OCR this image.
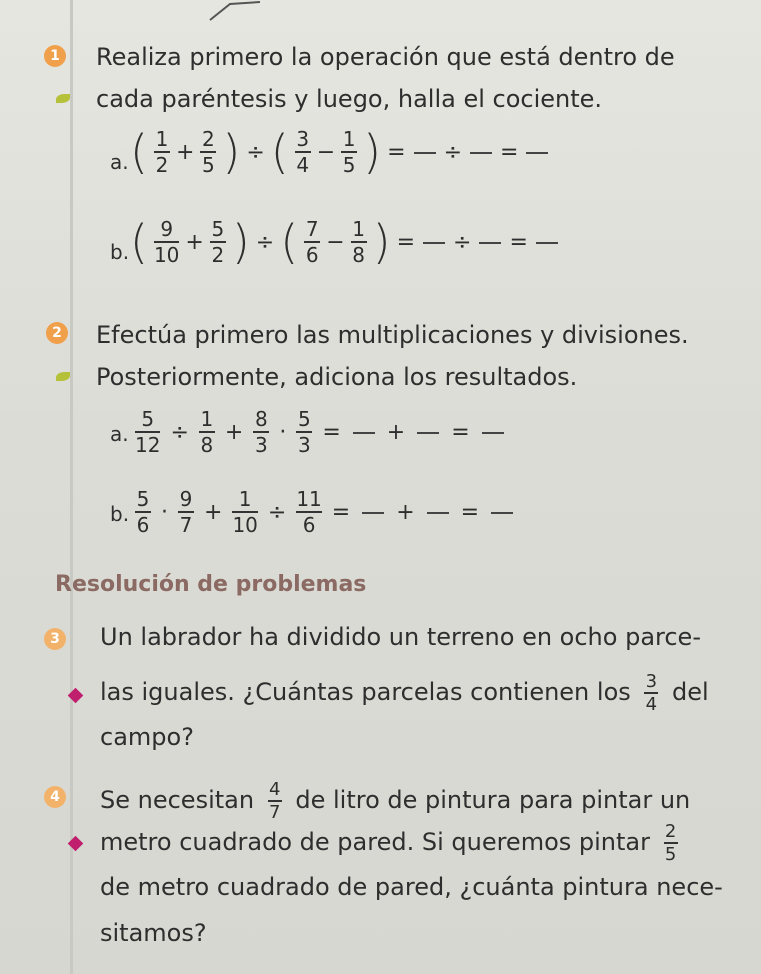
1 Realiza primero la operación que está dentro de
cada paréntesis y luego, halla el cociente.
a. ( $\frac{1}{2} + \frac{2}{5}$ ) ÷ ( $\frac{3}{4} - \frac{1}{5}$ ) = ÷ =
b. ( $\frac{9}{10} + \frac{5}{2}$ ) ÷ ( $\frac{7}{6} - \frac{1}{8}$ ) = ÷ =
2 Efectúa primero las multiplicaciones y divisiones.
Posteriormente, adiciona los resultados.
a. $\frac{5}{12} \div \frac{1}{8} + \frac{8}{3} \cdot \frac{5}{3}$ = + =
b. $\frac{5}{6} \cdot \frac{9}{7} + \frac{1}{10} \div \frac{11}{6}$ = + =
Resolución de problemas
3 Un labrador ha dividido un terreno en ocho parce-
las iguales. ¿Cuántas parcelas contienen los $\frac{3}{4}$ del
campo?
4 Se necesitan $\frac{4}{7}$ de litro de pintura para pintar un
metro cuadrado de pared. Si queremos pintar $\frac{2}{5}$
de metro cuadrado de pared, ¿cuánta pintura nece-
sitamos?
